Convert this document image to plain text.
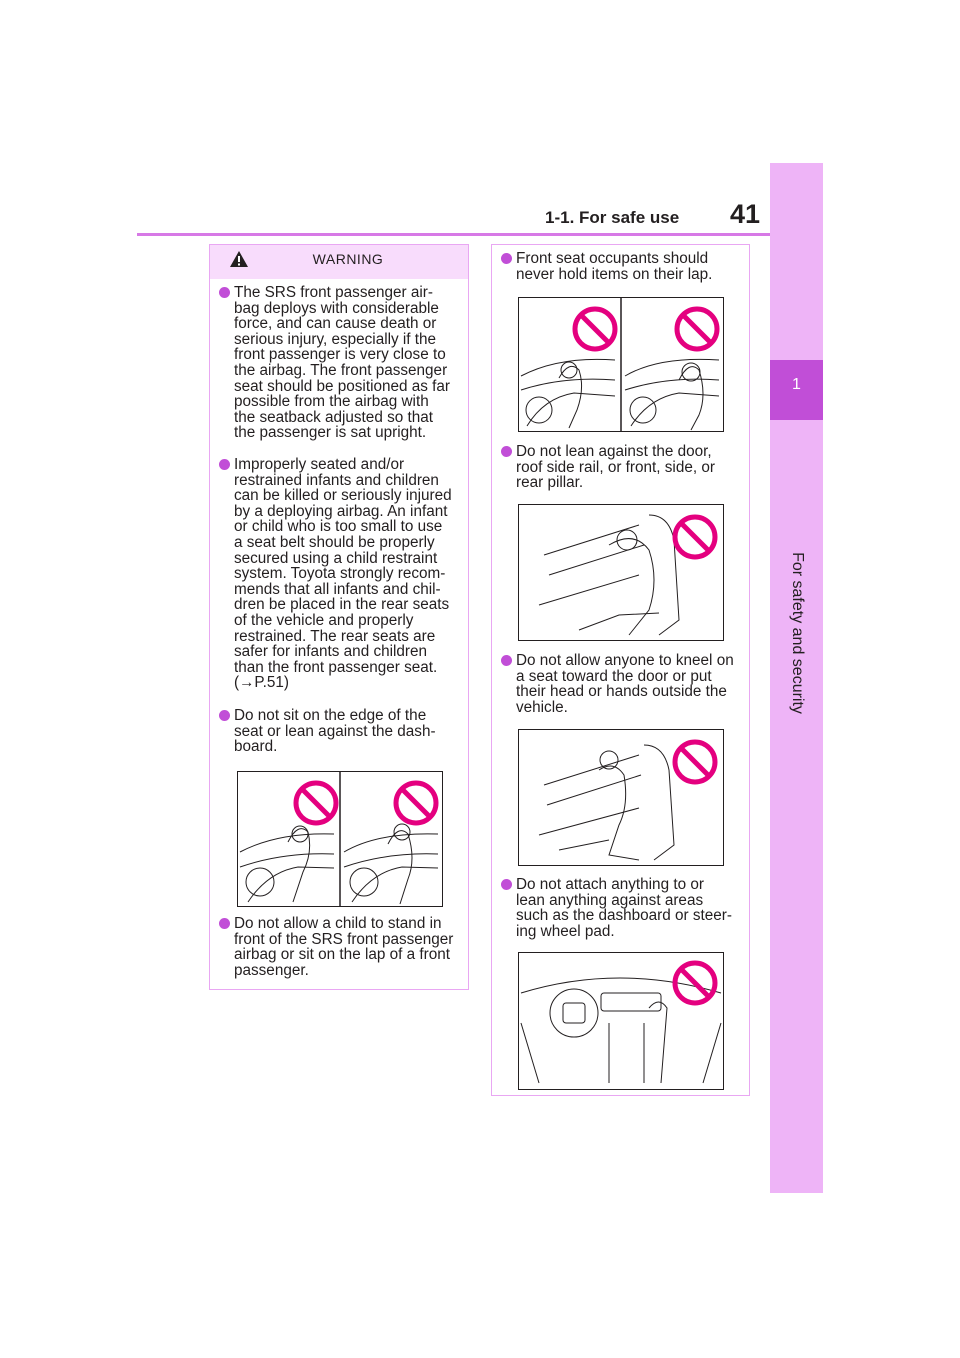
1-1. For safe use 41
1
For safety and security
WARNING
The SRS front passenger air-
bag deploys with considerable
force, and can cause death or
serious injury, especially if the
front passenger is very close to
the airbag. The front passenger
seat should be positioned as far
possible from the airbag with
the seatback adjusted so that
the passenger is sat upright.
Improperly seated and/or
restrained infants and children
can be killed or seriously injured
by a deploying airbag. An infant
or child who is too small to use
a seat belt should be properly
secured using a child restraint
system. Toyota strongly recom-
mends that all infants and chil-
dren be placed in the rear seats
of the vehicle and properly
restrained. The rear seats are
safer for infants and children
than the front passenger seat.
(→P.51)
Do not sit on the edge of the
seat or lean against the dash-
board.
Do not allow a child to stand in
front of the SRS front passenger
airbag or sit on the lap of a front
passenger.
Front seat occupants should
never hold items on their lap.
Do not lean against the door,
roof side rail, or front, side, or
rear pillar.
Do not allow anyone to kneel on
a seat toward the door or put
their head or hands outside the
vehicle.
Do not attach anything to or
lean anything against areas
such as the dashboard or steer-
ing wheel pad.
